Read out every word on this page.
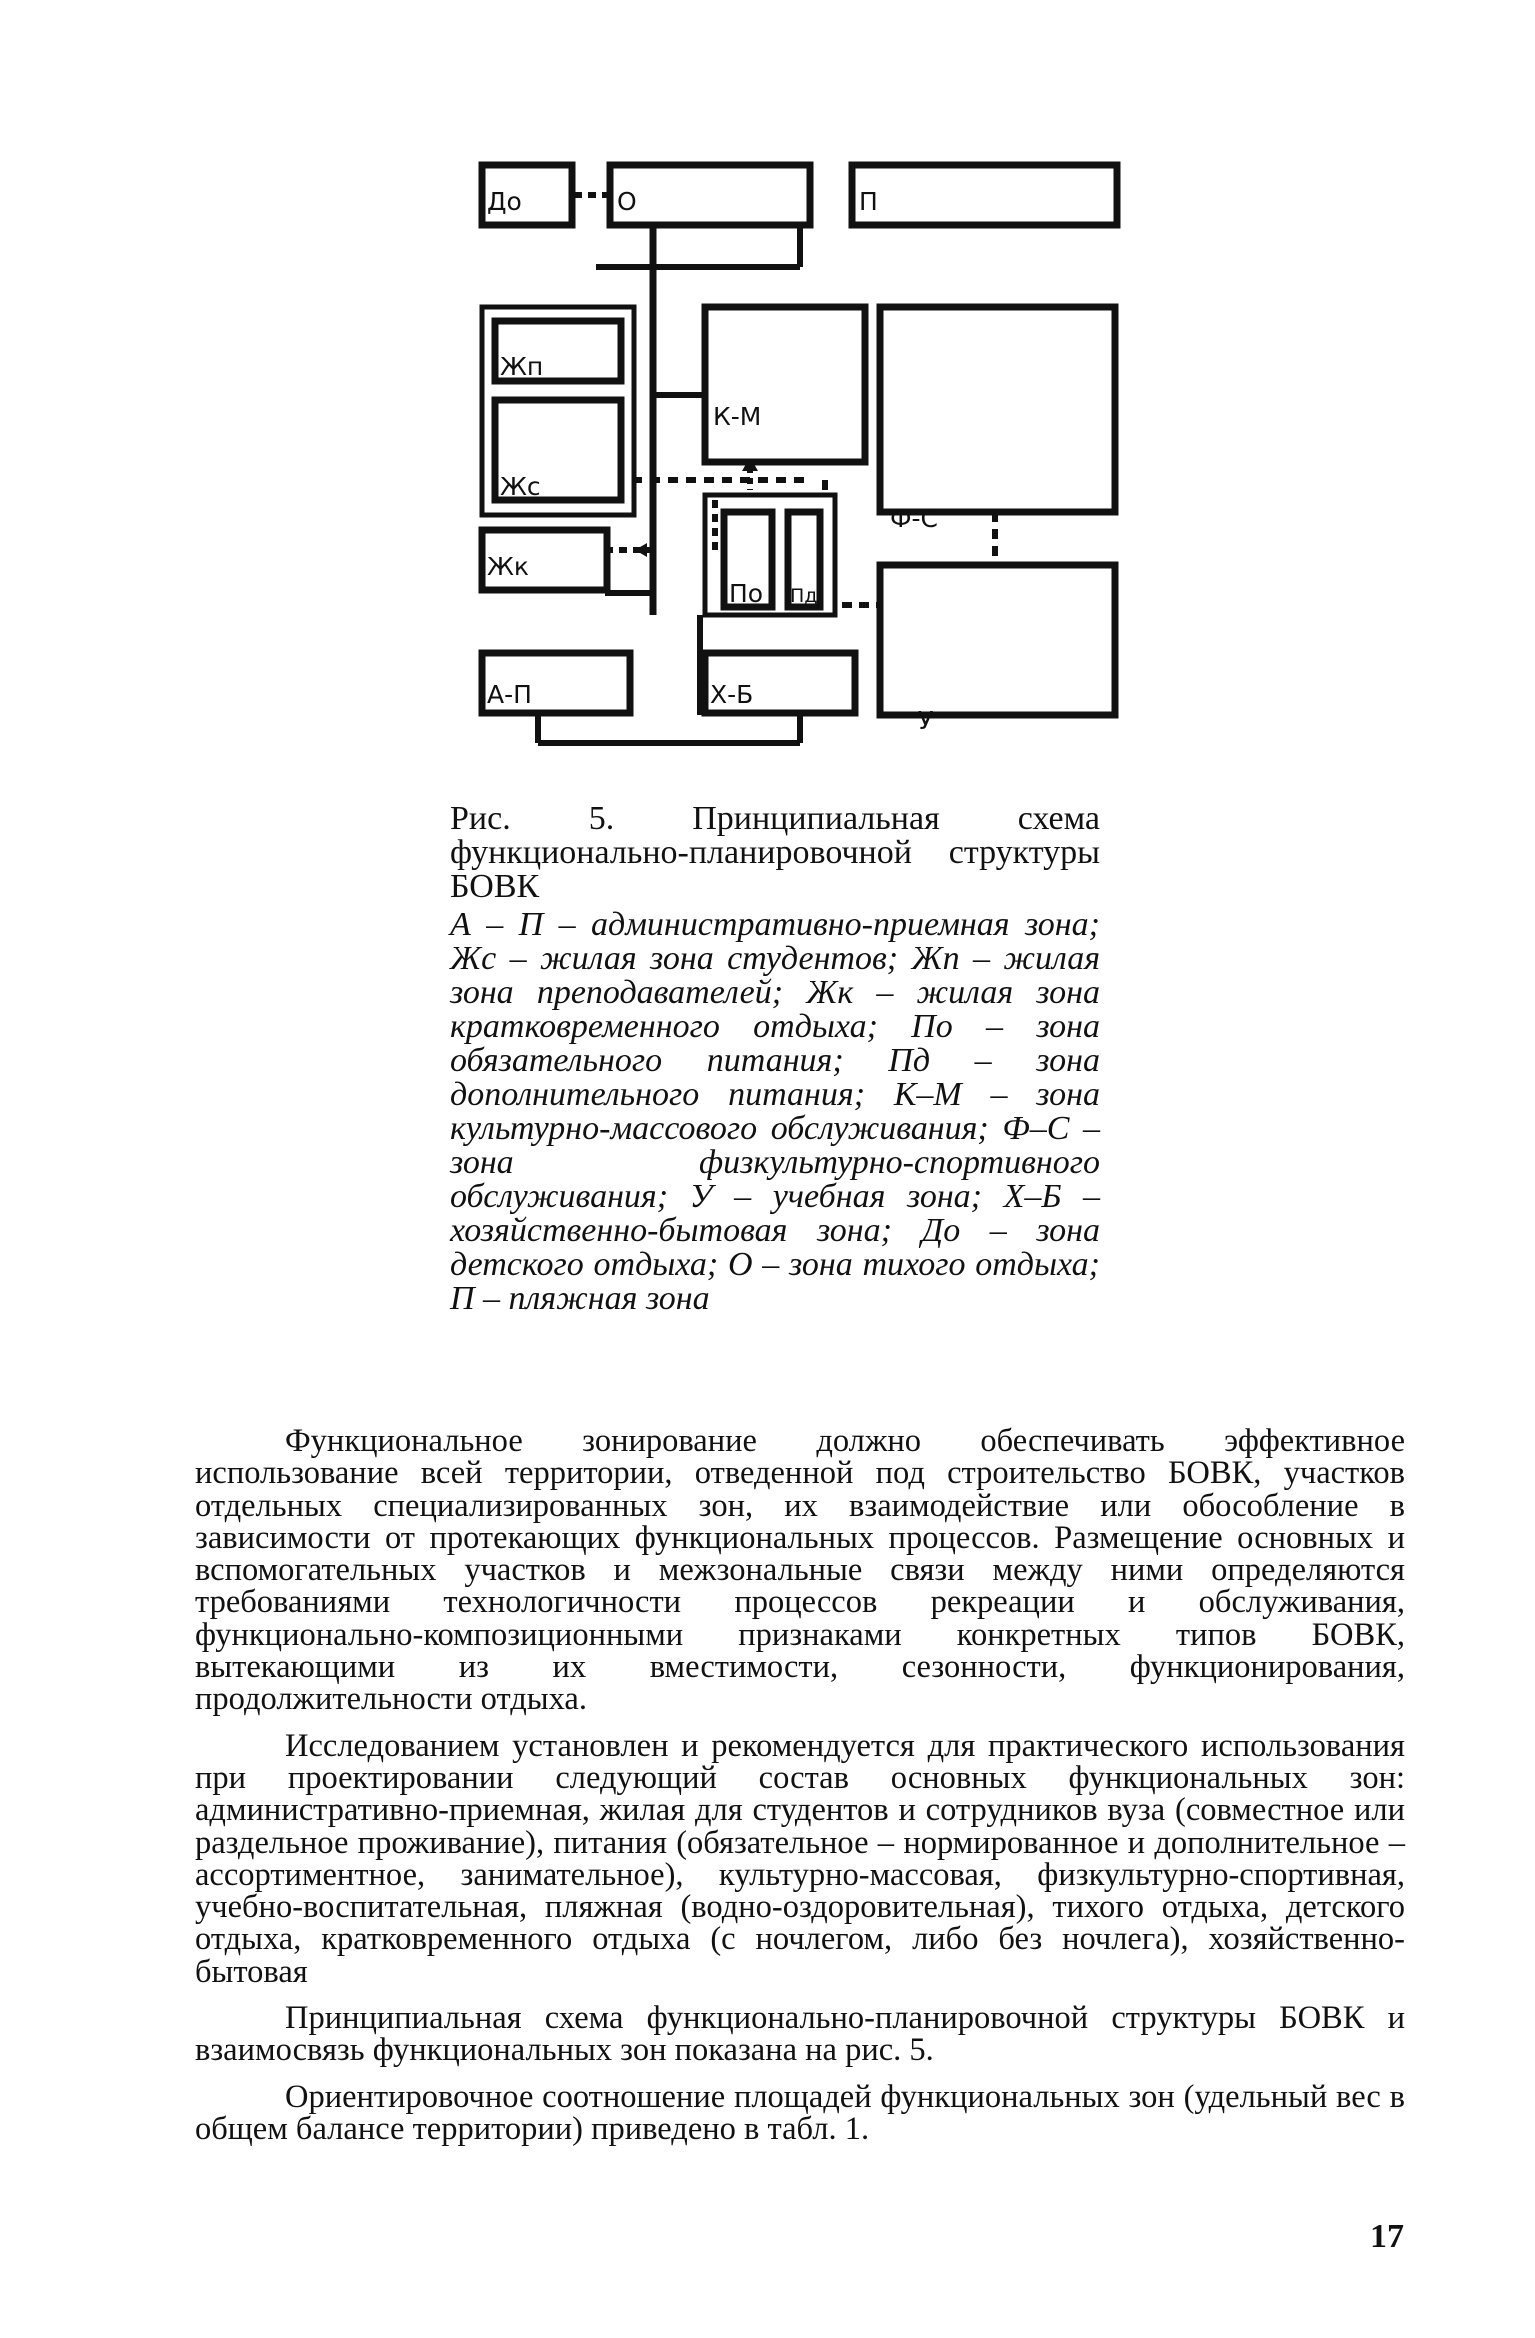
До	О	П
Жп
Жс
К-М
Ф-С
Жк
По Пд
А-П	Х-Б
У
Рис. 5. Принципиальная схема функционально-планировочной структуры БОВК
А – П – административно-приемная зона; Жс – жилая зона студентов; Жп – жилая зона преподавателей; Жк – жилая зона кратковременного отдыха; По – зона обязательного питания; Пд – зона дополнительного питания; К–М – зона культурно-массового обслуживания; Ф–С – зона физкультурно-спортивного обслуживания; У – учебная зона; Х–Б – хозяйственно-бытовая зона; До – зона детского отдыха; О – зона тихого отдыха; П – пляжная зона

Функциональное зонирование должно обеспечивать эффективное использование всей территории, отведенной под строительство БОВК, участков отдельных специализированных зон, их взаимодействие или обособление в зависимости от протекающих функциональных процессов. Размещение основных и вспомогательных участков и межзональные связи между ними определяются требованиями технологичности процессов рекреации и обслуживания, функционально-композиционными признаками конкретных типов БОВК, вытекающими из их вместимости, сезонности, функционирования, продолжительности отдыха.

Исследованием установлен и рекомендуется для практического использования при проектировании следующий состав основных функциональных зон: административно-приемная, жилая для студентов и сотрудников вуза (совместное или раздельное проживание), питания (обязательное – нормированное и дополнительное – ассортиментное, занимательное), культурно-массовая, физкультурно-спортивная, учебно-воспитательная, пляжная (водно-оздоровительная), тихого отдыха, детского отдыха, кратковременного отдыха (с ночлегом, либо без ночлега), хозяйственно-бытовая

Принципиальная схема функционально-планировочной структуры БОВК и взаимосвязь функциональных зон показана на рис. 5.

Ориентировочное соотношение площадей функциональных зон (удельный вес в общем балансе территории) приведено в табл. 1.

17
